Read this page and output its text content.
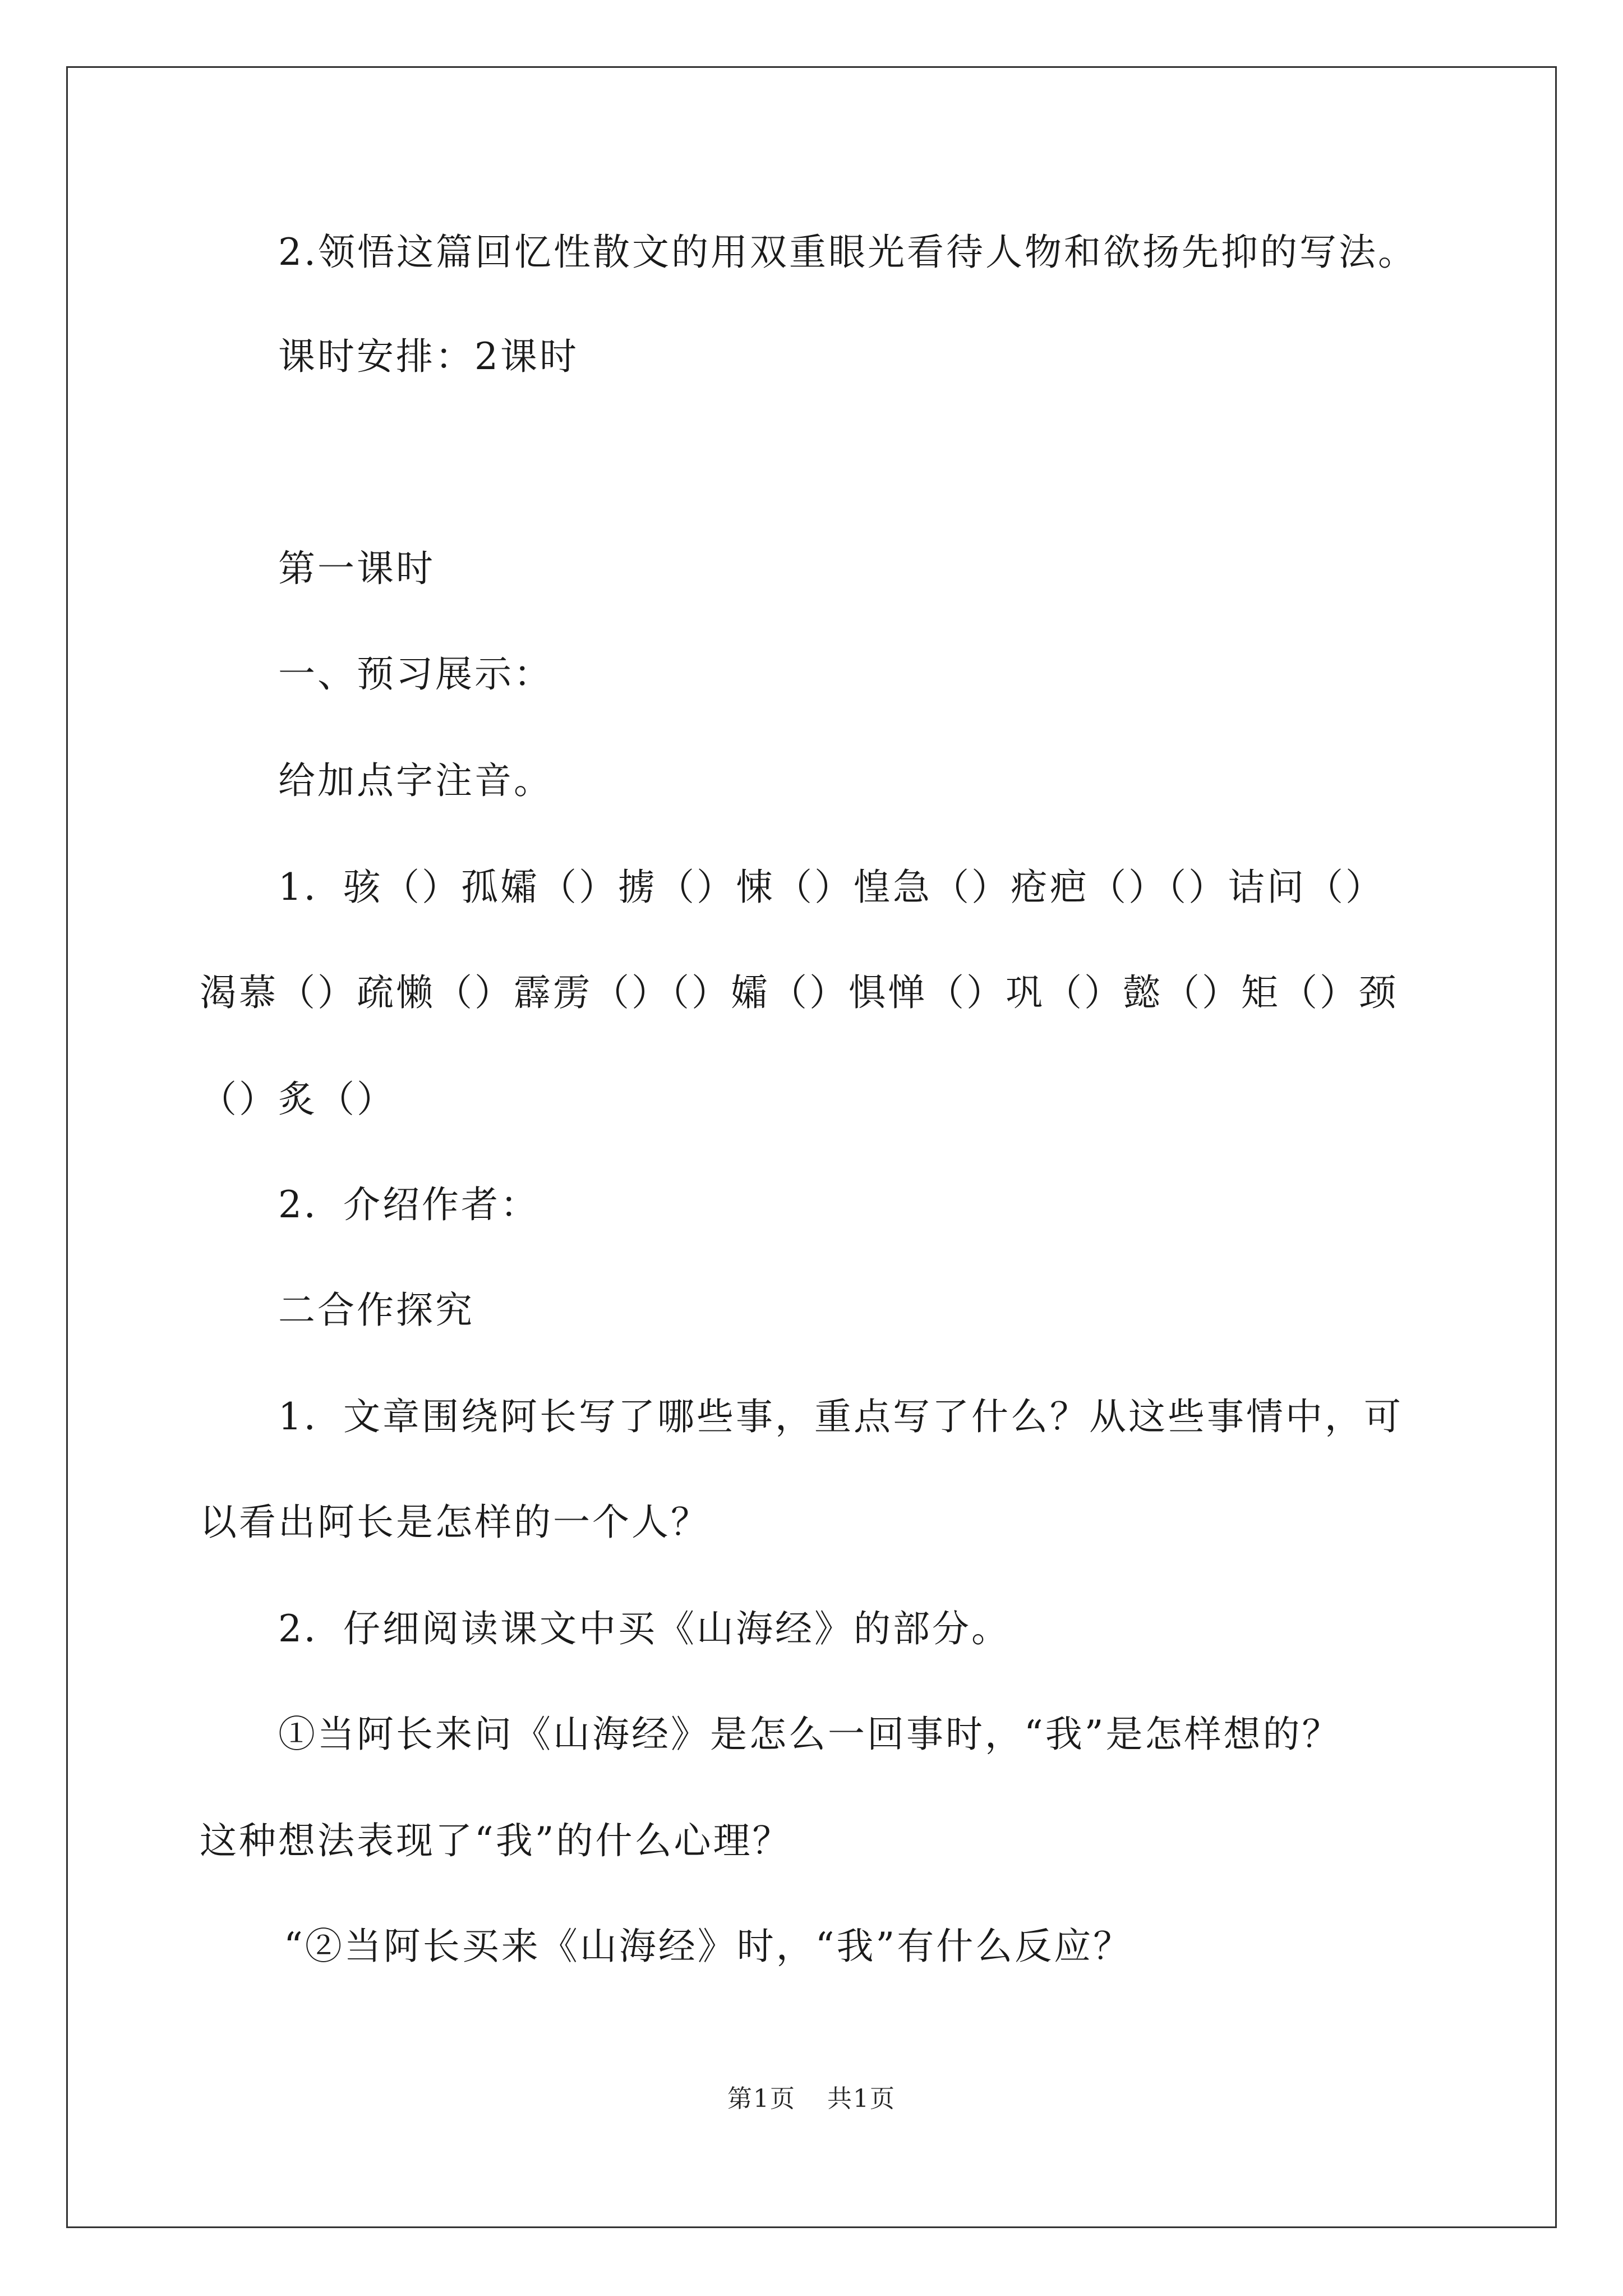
2.领悟这篇回忆性散文的用双重眼光看待人物和欲扬先抑的写法。
课时安排：2课时
第一课时
一、预习展示：
给加点字注音。
1．骇（）孤孀（）掳（）悚（）惶急（）疮疤（）（）诘问（）
渴慕（）疏懒（）霹雳（）（）孀（）惧惮（）巩（）懿（）矩（）颈
（）炙（）
2．介绍作者：
二合作探究
1．文章围绕阿长写了哪些事，重点写了什么？从这些事情中，可
以看出阿长是怎样的一个人？
2．仔细阅读课文中买《山海经》的部分。
①当阿长来问《山海经》是怎么一回事时，“我”是怎样想的？
这种想法表现了“我”的什么心理？
“②当阿长买来《山海经》时，“我”有什么反应？
第1页 共1页
